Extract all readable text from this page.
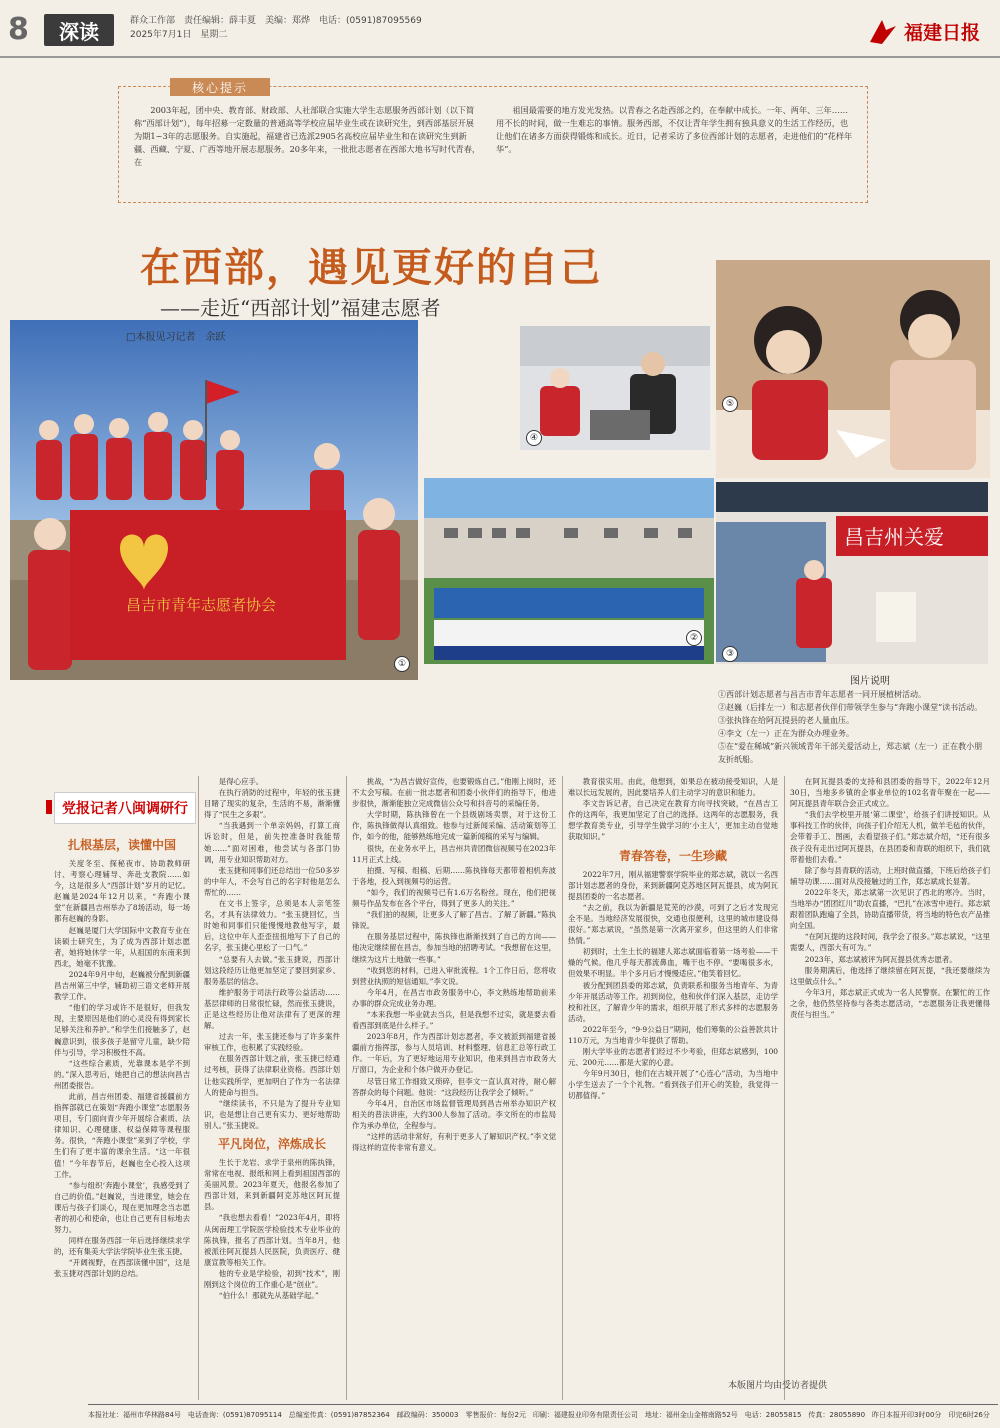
8	深读	群众工作部　责任编辑：薛丰夏　美编：郑烨　电话：(0591)87095569
2025年7月1日　星期二	福建日报
核心提示

2003年起，团中央、教育部、财政部、人社部联合实施大学生志愿服务西部计划（以下简称“西部计划”），每年招募一定数量的普通高等学校应届毕业生或在读研究生，到西部基层开展为期1~3年的志愿服务。自实施起，福建省已选派2905名高校应届毕业生和在读研究生到新疆、西藏、宁夏、广西等地开展志愿服务。20多年来，一批批志愿者在西部大地书写时代青春，在

祖国最需要的地方发光发热。以青春之名赴西部之约，在奉献中成长。一年、两年、三年……用不长的时间，做一生难忘的事情。服务西部，不仅让青年学生拥有独具意义的生活工作经历，也让他们在诸多方面获得锻炼和成长。近日，记者采访了多位西部计划的志愿者，走进他们的“花样年华”。

昌吉市青年志愿者协会
①
④
⑤
②
昌吉州关爱
③
在西部，遇见更好的自己
——走近“西部计划”福建志愿者
□本报见习记者　余跃
图片说明
①西部计划志愿者与昌吉市青年志愿者一同开展植树活动。
②赵巍（后排左一）和志愿者伙伴们带领学生参与“奔跑小课堂”读书活动。
③张执锋在给阿瓦提县的老人量血压。
④李文（左一）正在为群众办理业务。
⑤在“爱在稀城”新兴领域青年干部关爱活动上，郑志斌（左一）正在教小朋友折纸船。
党报记者八闽调研行

扎根基层，读懂中国

关度冬至、探秘夜市、协助教师研讨、考察心理辅导、奔赴支教院……如今，这是很多人“西部计划”岁月的记忆。赵巍是2024年12月以来，“奔跑小课堂”在新疆昌吉州举办了8场活动，每一场都有赵巍的身影。

赵巍是厦门大学国际中文教育专业在读硕士研究生，为了成为西部计划志愿者，她将她休学一年，从祖国的东南来到西北，她毫不犹豫。

2024年9月中旬，赵巍被分配到新疆昌吉州第三中学，辅助初三语文老师开展教学工作。

“他们的学习或许不是很好，但我发现，主要原因是他们的心灵没有得到家长足够关注和养护。”和学生们接触多了，赵巍意识到，很多孩子是留守儿童，缺少陪伴与引导，学习积极性不高。

“这些综合素质，光靠课本是学不到的。”深入思考后，她把自己的想法向昌吉州团委报告。

此前，昌吉州团委、福建省援疆前方指挥部就已在策划“奔跑小课堂”志愿服务项目，专门面向青少年开展综合素质、法律知识、心理健康、权益保障等课程服务。很快，“奔跑小课堂”来到了学校，学生们有了更丰富的课余生活。“这一年很值！”今年春节后，赵巍也全心投入这项工作。

“参与组织‘奔跑小课堂’，我感受到了自己的价值。”赵巍说，当进课堂，她会在课后与孩子们谈心，现在更加理念当志愿者的初心和使命，也让自己更有目标地去努力。

同样在服务西部一年后选择继续求学的，还有集美大学法学院毕业生张玉捷。

“开阔视野，在西部读懂中国”，这是张玉捷对西部计划的总结。

是得心应手。

在执行消防的过程中，年轻的张玉捷目睹了现实的复杂，生活的不易，渐渐懂得了“民生之多艰”。

“当我遇到一个单亲妈妈，打算工商诉讼时，但是，前失控准备时我能帮她……”面对困难，他尝试与各部门协调，用专业知识帮助对方。

张玉捷和同事们还总结出一位50多岁的中年人，不会写自己的名字时他是怎么帮忙的……

在文书上签字，总须是本人亲笔签名，才具有法律效力。“张玉捷回忆，当时她和同事们只能慢慢地教他写字，最后，这位中年人歪歪扭扭地写下了自己的名字，张玉捷心里松了一口气。”

“总要有人去做。”张玉捷说，西部计划这段经历让他更加坚定了要回到家乡、服务基层的信念。

维护服务于司法行政等公益活动……基层律师的日常很忙碌，然而张玉捷说，正是这些经历让他对法律有了更深的理解。

过去一年，张玉捷还参与了许多案件审核工作，也积累了实践经验。

在服务西部计划之前，张玉捷已经通过考核，获得了法律职业资格。西部计划让他实践所学，更加明白了作为一名法律人的使命与担当。

“继续读书，不只是为了提升专业知识，也是想让自己更有实力、更好地帮助别人。”张玉捷说。

平凡岗位，淬炼成长

生长于龙岩、求学于泉州的陈执锋，常常在电视、报纸和网上看到祖国西部的美丽风景。2023年夏天，他报名参加了西部计划，来到新疆阿克苏地区阿瓦提县。

“我也想去看看！”2023年4月，即将从闽南理工学院医学检验技术专业毕业的陈执锋，报名了西部计划。当年8月，他被派往阿瓦提县人民医院，负责医疗、健康宣教等相关工作。

他的专业是学检验，初到“技术”，刚刚到这个岗位的工作重心是“创业”。

“伯什么！那就先从基础学起。”

挑战，“为昌吉做好宣传，也要锻炼自己。”他刚上岗时，还不太会写稿。在前一批志愿者和团委小伙伴们的指导下，他进步很快，渐渐能独立完成微信公众号和抖音号的采编任务。

大学时期，陈执锋曾在一个县级剧场卖票，对于这份工作，陈执锋做得认真细致。他参与过新闻采编、活动策划等工作，如今的他，能够熟练地完成一篇新闻稿的采写与编辑。

很快，在业务水平上，昌吉州共青团微信视频号在2023年11月正式上线。

拍摄、写稿、组稿、后期……陈执锋每天都带着相机奔波于各地，投入到视频号的运营。

“如今，我们的视频号已有1.6万名粉丝。现在，他们把视频号作品发布在各个平台，得到了更多人的关注。”

“我们拍的视频，让更多人了解了昌吉、了解了新疆。”陈执锋说。

在服务基层过程中，陈执锋也渐渐找到了自己的方向——他决定继续留在昌吉，参加当地的招聘考试。“我想留在这里，继续为这片土地做一些事。”

“收到您的材料，已进入审批流程。1个工作日后，您将收到营业执照的短信通知。”李文说。

今年4月，在昌吉市政务服务中心，李文熟练地帮助前来办事的群众完成业务办理。

“本来我想一毕业就去当兵，但是我想不过实，就是要去看看西部到底是什么样子。”

2023年8月，作为西部计划志愿者，李文被派到福建省援疆前方指挥部，参与人员培训、材料整理、信息汇总等行政工作。一年后，为了更好地运用专业知识，他来到昌吉市政务大厅窗口，为企业和个体户做开办登记。

尽管日常工作细致又琐碎，但李文一直认真对待，耐心解答群众的每个问题。他说：“这段经历让我学会了倾听。”

今年4月，自治区市场监督管理局到昌吉州举办知识产权相关的普法讲座，大约300人参加了活动。李文所在的市监局作为承办单位，全程参与。

“这样的活动非常好，有利于更多人了解知识产权。”李文觉得这样的宣传非常有意义。

教育很实用。由此，他想到，如果总在被动接受知识，人是难以长远发展的，因此要培养人们主动学习的意识和能力。

李文告诉记者，自己决定在教育方向寻找突破，“在昌吉工作的这两年，我更加坚定了自己的选择。这两年的志愿服务，我想学教育类专业，引导学生做学习的‘小主人’，更加主动自觉地获取知识。”

青春答卷，一生珍藏

2022年7月，刚从福建警察学院毕业的郑志斌，就以一名西部计划志愿者的身份，来到新疆阿克苏地区阿瓦提县，成为阿瓦提县团委的一名志愿者。

“去之前，我以为新疆是荒芜的沙漠，可到了之后才发现完全不是。当地经济发展很快，交通也很便利，这里的城市建设得很好。”郑志斌说，“虽然是第一次离开家乡，但这里的人们非常热情。”

初到时，土生土长的福建人郑志斌面临着第一场考验——干燥的气候。他几乎每天都流鼻血，嘴干也不停。“要喝很多水，但效果不明显。半个多月后才慢慢适应。”他笑着回忆。

被分配到团县委的郑志斌，负责联系和服务当地青年、为青少年开展活动等工作。初到岗位，他和伙伴们深入基层，走访学校和社区，了解青少年的需求，组织开展了形式多样的志愿服务活动。

2022年至今，“9·9公益日”期间，他们筹集的公益善款共计110万元，为当地青少年提供了帮助。

刚大学毕业的志愿者们经过不少考验，但郑志斌感到，100元、200元……都是大家的心意。

今年9月30日，他们在古城开展了“心连心”活动，为当地中小学生送去了一个个礼物。“看到孩子们开心的笑脸，我觉得一切都值得。”

在阿瓦提县委的支持和县团委的指导下，2022年12月30日，当地多乡镇的企事业单位的102名青年聚在一起——阿瓦提县青年联合会正式成立。

“我们去学校里开展‘第二课堂’，给孩子们讲授知识。从事科技工作的伙伴，向孩子们介绍无人机，做羊毛毡的伙伴，会带着手工、图画，去看望孩子们。”郑志斌介绍，“还有很多孩子没有走出过阿瓦提县，在县团委和青联的组织下，我们就带着他们去看。”

除了参与县青联的活动，上班时做直播，下班后给孩子们辅导功课……面对从没接触过的工作，郑志斌成长显著。

2022年冬天，郑志斌第一次见识了西北的寒冷。当时，当地举办“团团红川”助农直播，“巴扎”在冰雪中进行。郑志斌跟着团队跑遍了全县，协助直播带货，将当地的特色农产品推向全国。

“在阿瓦提的这段时间，我学会了很多。”郑志斌说，“这里需要人，西部大有可为。”

2023年，郑志斌被评为阿瓦提县优秀志愿者。

服务期满后，他选择了继续留在阿瓦提，“我还要继续为这里做点什么。”

今年3月，郑志斌正式成为一名人民警察。在繁忙的工作之余，他仍然坚持参与各类志愿活动，“志愿服务让我更懂得责任与担当。”

本版图片均由受访者提供
本报社址：福州市华林路84号　电话查询：(0591)87095114　总编室传真：(0591)87852364　邮政编码：350003　零售报价：每份2元　印刷：福建报业印务有限责任公司　地址：福州金山金榕南路52号　电话：28055815　传真：28055890　昨日本报开印3时00分　印完6时26分
